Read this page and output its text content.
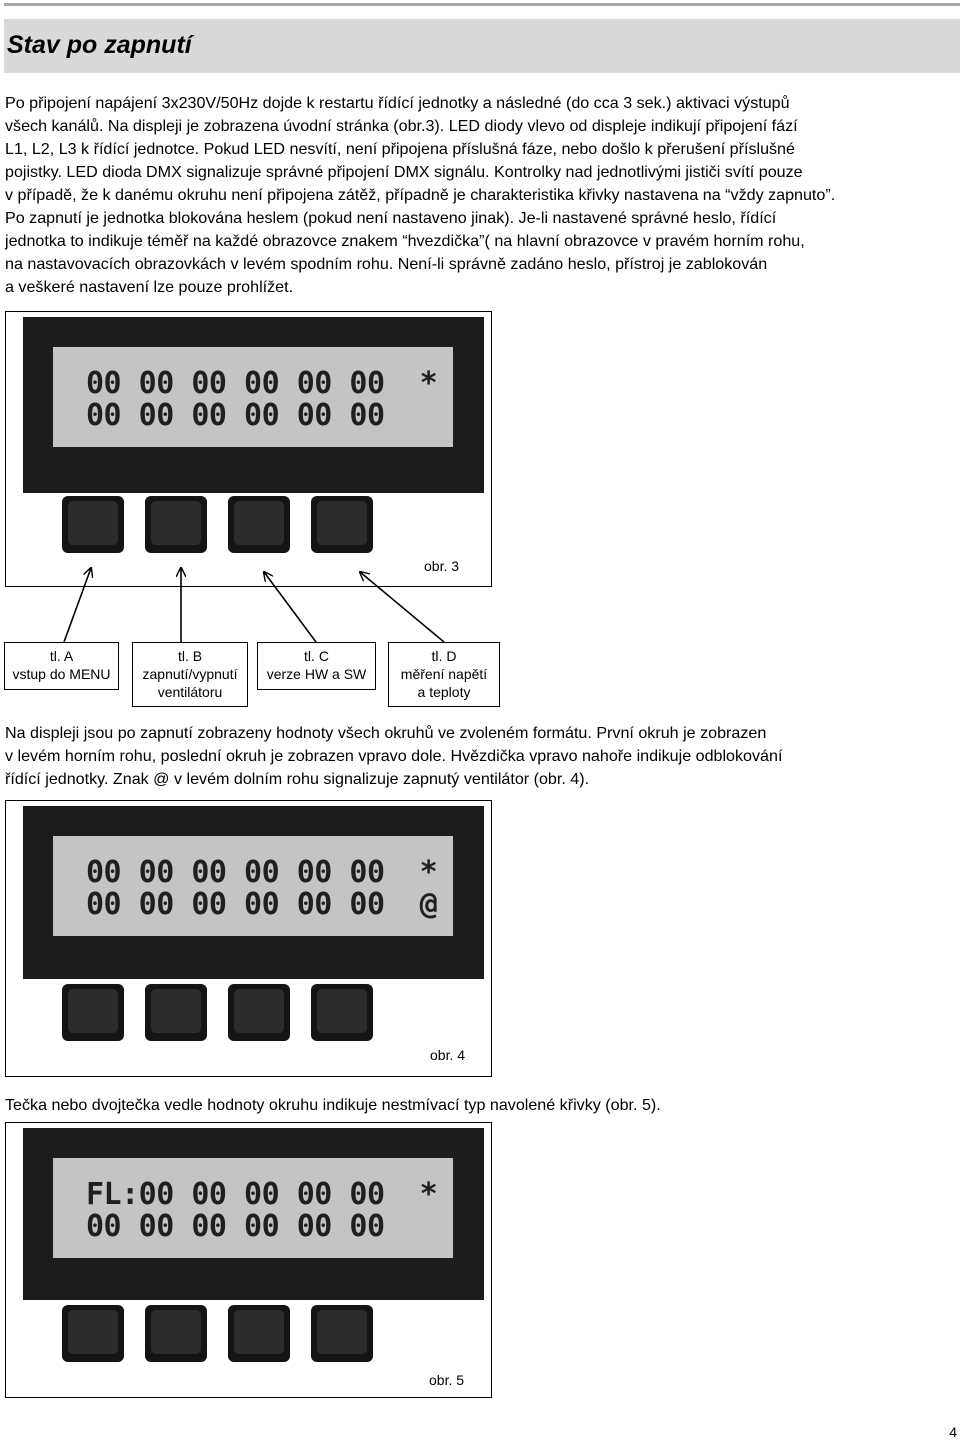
Stav po zapnutí
Po připojení napájení 3x230V/50Hz dojde k restartu řídící jednotky a následné (do cca 3 sek.) aktivaci výstupů
všech kanálů. Na displeji je zobrazena úvodní stránka (obr.3). LED diody vlevo od displeje indikují připojení fází
L1, L2, L3 k řídící jednotce. Pokud LED nesvítí, není připojena příslušná fáze, nebo došlo k přerušení příslušné
pojistky. LED dioda DMX signalizuje správné připojení DMX signálu. Kontrolky nad jednotlivými jističi svítí pouze
v případě, že k danému okruhu není připojena zátěž, případně je charakteristika křivky nastavena na “vždy zapnuto”.
Po zapnutí je jednotka blokována heslem (pokud není nastaveno jinak). Je-li nastavené správné heslo, řídící
jednotka to indikuje téměř na každé obrazovce znakem “hvezdička”( na hlavní obrazovce v pravém horním rohu,
na nastavovacích obrazovkách v levém spodním rohu. Není-li správně zadáno heslo, přístroj je zablokován
a veškeré nastavení lze pouze prohlížet.
00 00 00 00 00 00  *
00 00 00 00 00 00
obr. 3
tl. A
vstup do MENU
tl. B
zapnutí/vypnutí
ventilátoru
tl. C
verze HW a SW
tl. D
měření napětí
a teploty
Na displeji jsou po zapnutí zobrazeny hodnoty všech okruhů ve zvoleném formátu. První okruh je zobrazen
v levém horním rohu, poslední okruh je zobrazen vpravo dole. Hvězdička vpravo nahoře indikuje odblokování
řídící jednotky. Znak @ v levém dolním rohu signalizuje zapnutý ventilátor (obr. 4).
00 00 00 00 00 00  *
00 00 00 00 00 00  @
obr. 4
Tečka nebo dvojtečka vedle hodnoty okruhu indikuje nestmívací typ navolené křivky (obr. 5).
FL:00 00 00 00 00  *
00 00 00 00 00 00
obr. 5
4
